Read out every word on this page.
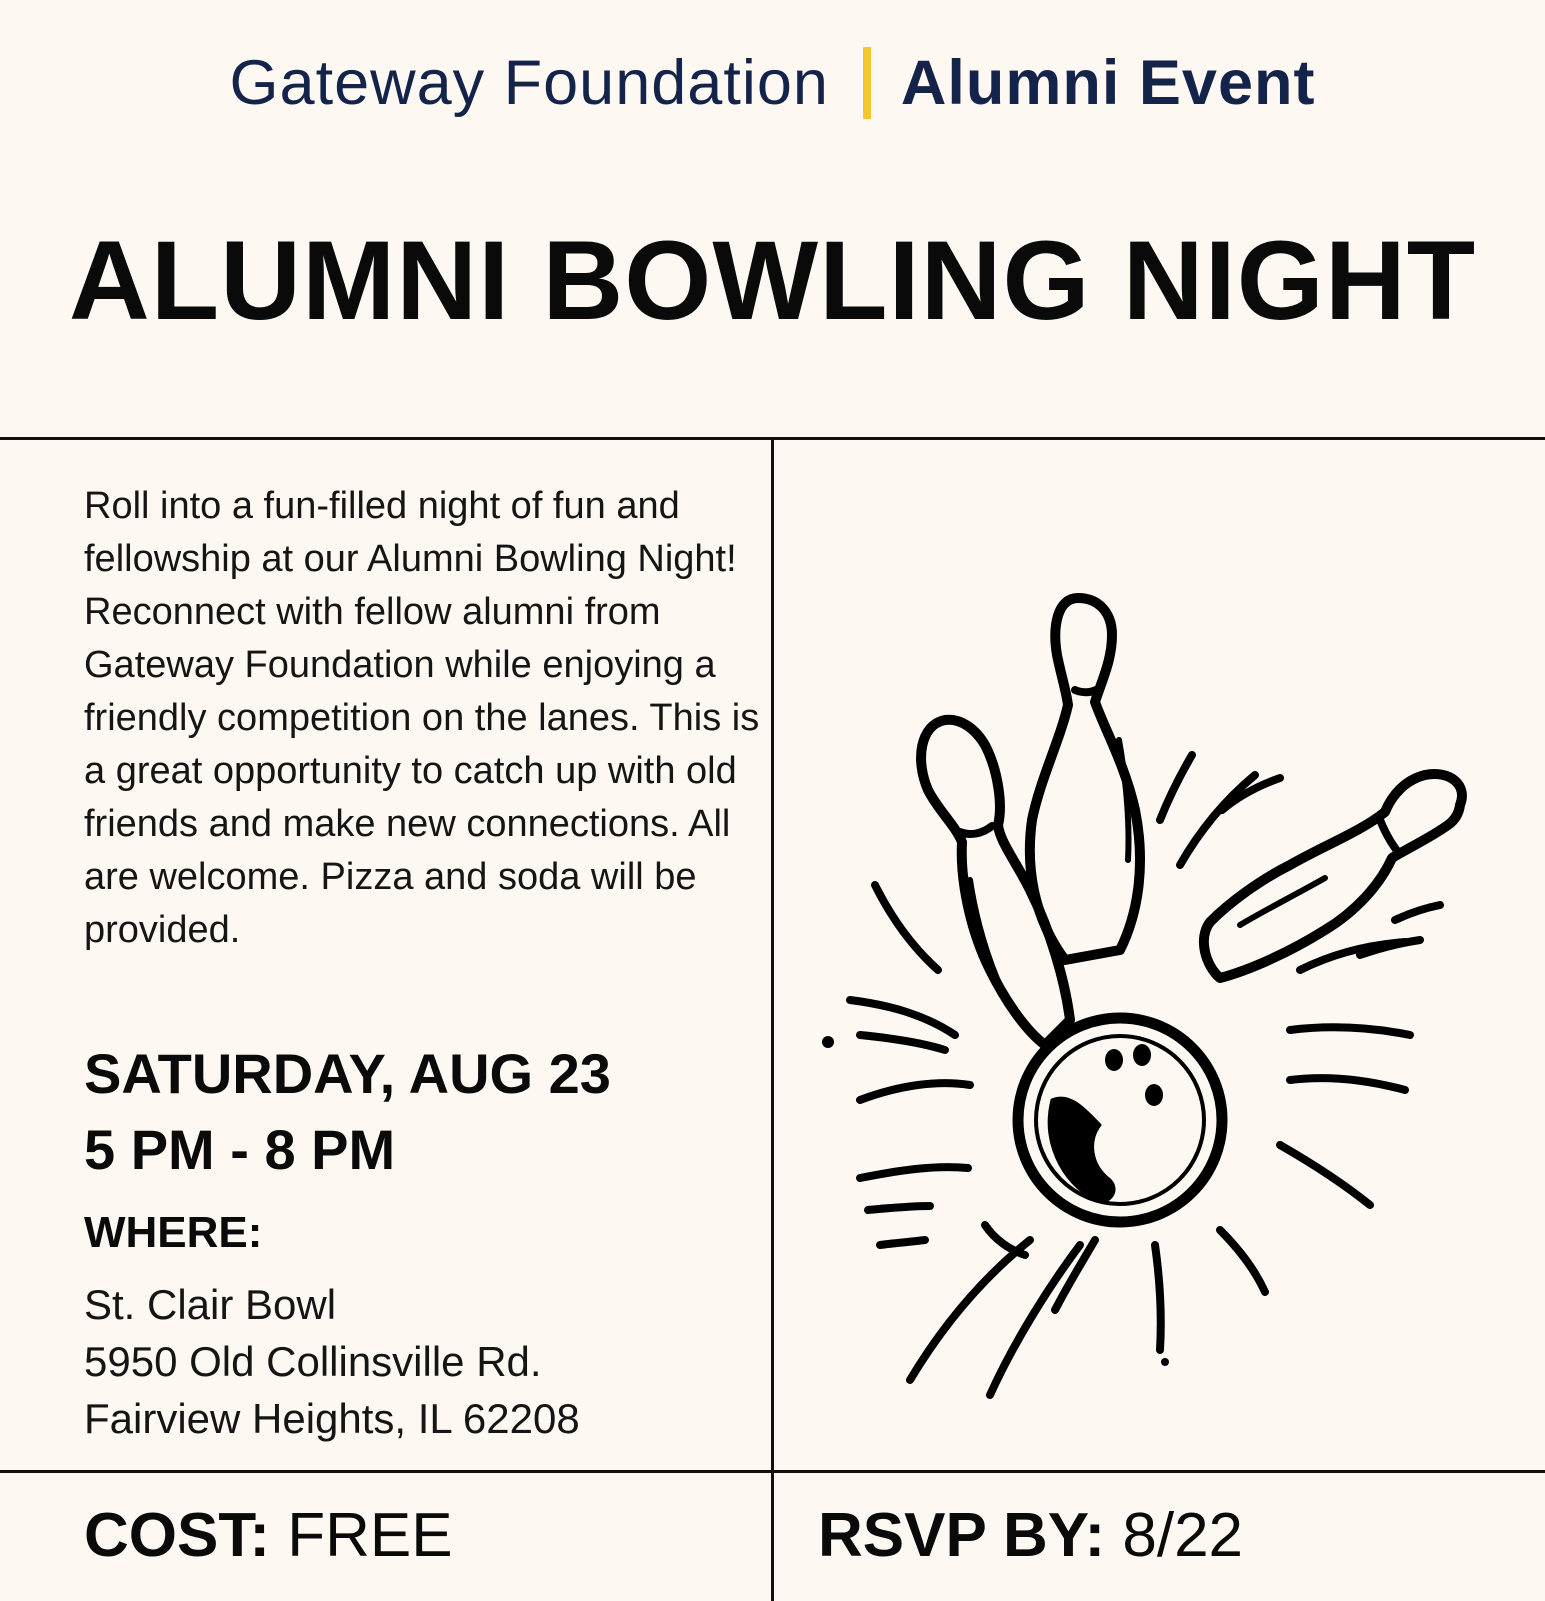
Gateway Foundation Alumni Event
ALUMNI BOWLING NIGHT

Roll into a fun-filled night of fun and fellowship at our Alumni Bowling Night! Reconnect with fellow alumni from Gateway Foundation while enjoying a friendly competition on the lanes. This is a great opportunity to catch up with old friends and make new connections. All are welcome. Pizza and soda will be provided.

SATURDAY, AUG 23
5 PM - 8 PM
WHERE:
St. Clair Bowl
5950 Old Collinsville Rd.
Fairview Heights, IL 62208
COST: FREE	RSVP BY: 8/22
